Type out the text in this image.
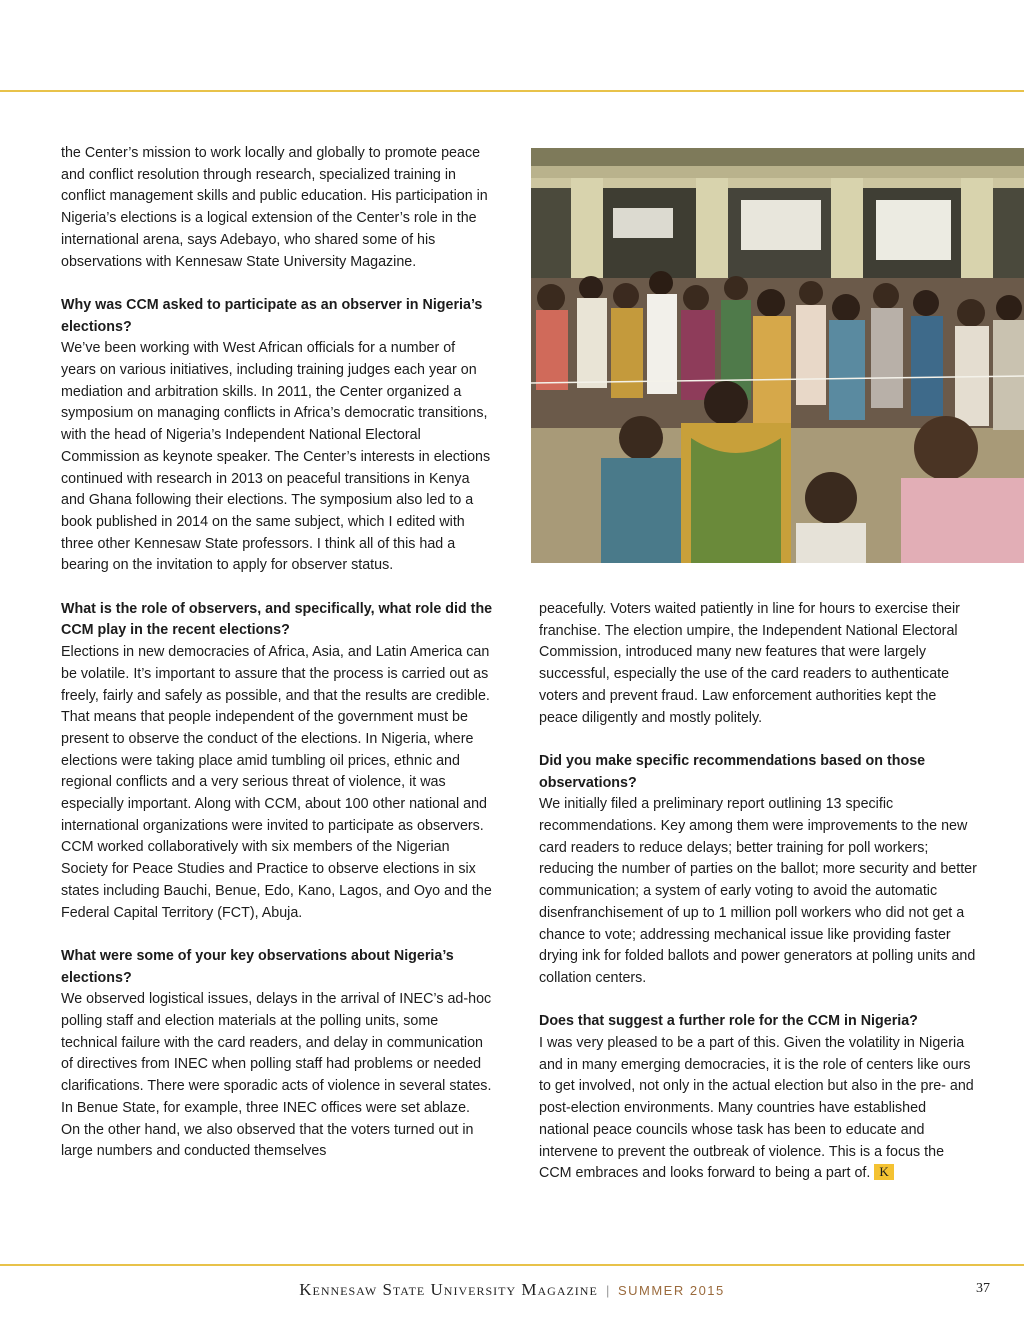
the Center’s mission to work locally and globally to promote peace and conflict resolution through research, specialized training in conflict management skills and public education. His participation in Nigeria’s elections is a logical extension of the Center’s role in the international arena, says Adebayo, who shared some of his observations with Kennesaw State University Magazine.

Why was CCM asked to participate as an observer in Nigeria’s elections?
We’ve been working with West African officials for a number of years on various initiatives, including training judges each year on mediation and arbitration skills. In 2011, the Center organized a symposium on managing conflicts in Africa’s democratic transitions, with the head of Nigeria’s Independent National Electoral Commission as keynote speaker. The Center’s interests in elections continued with research in 2013 on peaceful transitions in Kenya and Ghana following their elections. The symposium also led to a book published in 2014 on the same subject, which I edited with three other Kennesaw State professors. I think all of this had a bearing on the invitation to apply for observer status.

What is the role of observers, and specifically, what role did the CCM play in the recent elections?
Elections in new democracies of Africa, Asia, and Latin America can be volatile. It’s important to assure that the process is carried out as freely, fairly and safely as possible, and that the results are credible. That means that people independent of the government must be present to observe the conduct of the elections. In Nigeria, where elections were taking place amid tumbling oil prices, ethnic and regional conflicts and a very serious threat of violence, it was especially important. Along with CCM, about 100 other national and international organizations were invited to participate as observers. CCM worked collaboratively with six members of the Nigerian Society for Peace Studies and Practice to observe elections in six states including Bauchi, Benue, Edo, Kano, Lagos, and Oyo and the Federal Capital Territory (FCT), Abuja.

What were some of your key observations about Nigeria’s elections?
We observed logistical issues, delays in the arrival of INEC’s ad-hoc polling staff and election materials at the polling units, some technical failure with the card readers, and delay in communication of directives from INEC when polling staff had problems or needed clarifications. There were sporadic acts of violence in several states. In Benue State, for example, three INEC offices were set ablaze. On the other hand, we also observed that the voters turned out in large numbers and conducted themselves

peacefully. Voters waited patiently in line for hours to exercise their franchise. The election umpire, the Independent National Electoral Commission, introduced many new features that were largely successful, especially the use of the card readers to authenticate voters and prevent fraud. Law enforcement authorities kept the peace diligently and mostly politely.

Did you make specific recommendations based on those observations?
We initially filed a preliminary report outlining 13 specific recommendations. Key among them were improvements to the new card readers to reduce delays; better training for poll workers; reducing the number of parties on the ballot; more security and better communication; a system of early voting to avoid the automatic disenfranchisement of up to 1 million poll workers who did not get a chance to vote; addressing mechanical issue like providing faster drying ink for folded ballots and power generators at polling units and collation centers.

Does that suggest a further role for the CCM in Nigeria?
I was very pleased to be a part of this. Given the volatility in Nigeria and in many emerging democracies, it is the role of centers like ours to get involved, not only in the actual election but also in the pre- and post-election environments. Many countries have established national peace councils whose task has been to educate and intervene to prevent the outbreak of violence. This is a focus the CCM embraces and looks forward to being a part of. K

Kennesaw State University Magazine | SUMMER 2015	37
